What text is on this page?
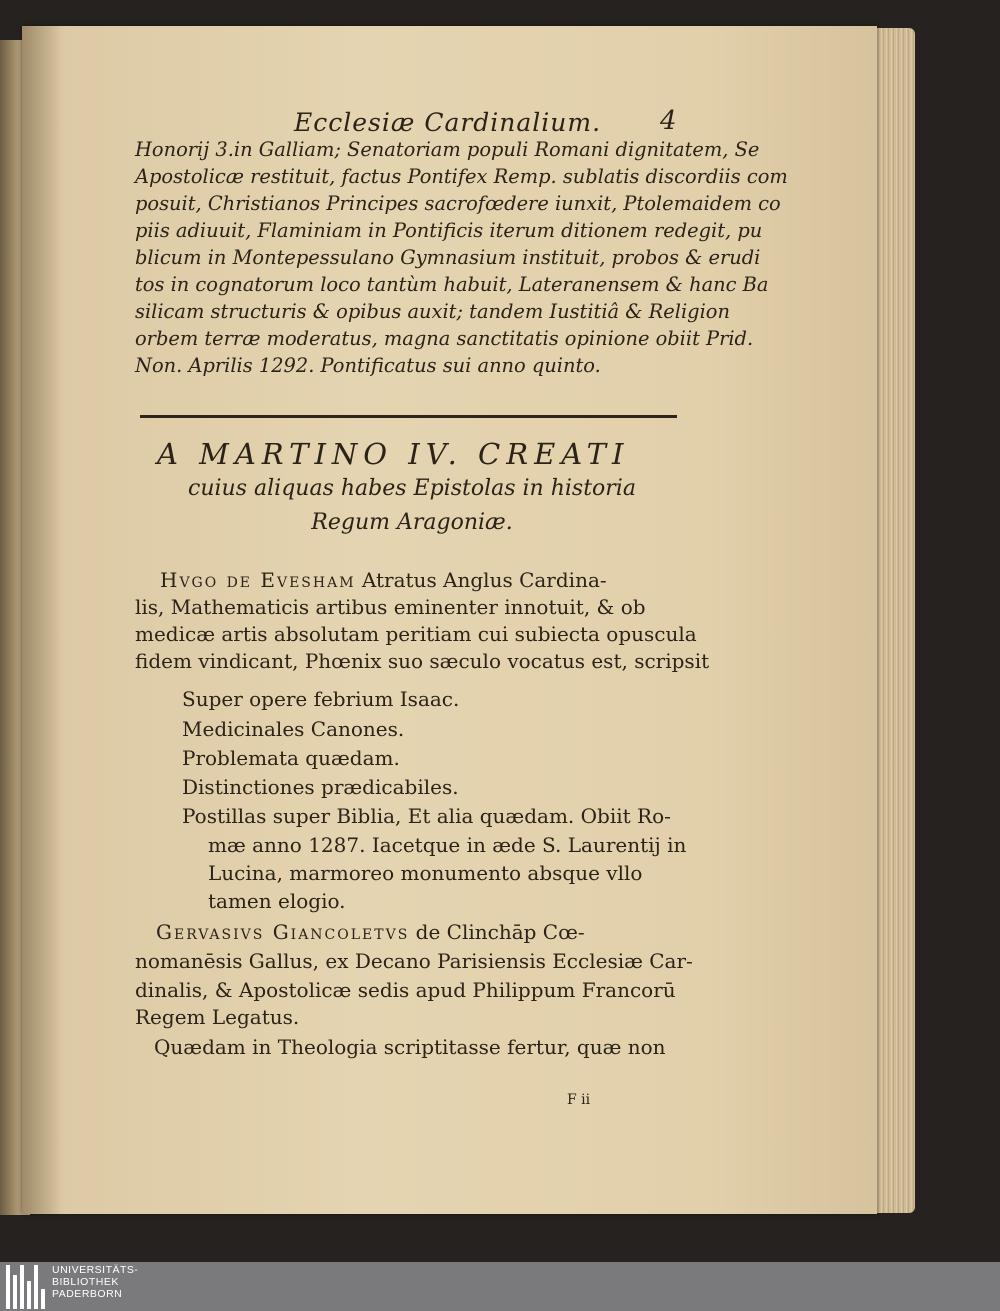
Ecclesiæ Cardinalium. 4

Honorij 3.in Galliam; Senatoriam populi Romani dignitatem, Se

Apostolicæ restituit, factus Pontifex Remp. sublatis discordiis com

posuit, Christianos Principes sacrofœdere iunxit, Ptolemaidem co

piis adiuuit, Flaminiam in Pontificis iterum ditionem redegit, pu

blicum in Montepessulano Gymnasium instituit, probos & erudi

tos in cognatorum loco tantùm habuit, Lateranensem & hanc Ba

silicam structuris & opibus auxit; tandem Iustitiâ & Religion

orbem terræ moderatus, magna sanctitatis opinione obiit Prid.

Non. Aprilis 1292. Pontificatus sui anno quinto.

A MARTINO IV. CREATI
cuius aliquas habes Epistolas in historia
Regum Aragoniæ.
Hvgo de Evesham Atratus Anglus Cardina-
lis, Mathematicis artibus eminenter innotuit, & ob
medicæ artis absolutam peritiam cui subiecta opuscula
fidem vindicant, Phœnix suo sæculo vocatus est, scripsit
Super opere febrium Isaac.
Medicinales Canones.
Problemata quædam.
Distinctiones prædicabiles.
Postillas super Biblia, Et alia quædam. Obiit Ro-
mæ anno 1287. Iacetque in æde S. Laurentij in
Lucina, marmoreo monumento absque vllo
tamen elogio.
Gervasivs Giancoletvs de Clinchāp Cœ-
nomanēsis Gallus, ex Decano Parisiensis Ecclesiæ Car-
dinalis, & Apostolicæ sedis apud Philippum Francorū
Regem Legatus.
Quædam in Theologia scriptitasse fertur, quæ non
F ii
UNIVERSITÄTS-
BIBLIOTHEK
PADERBORN
